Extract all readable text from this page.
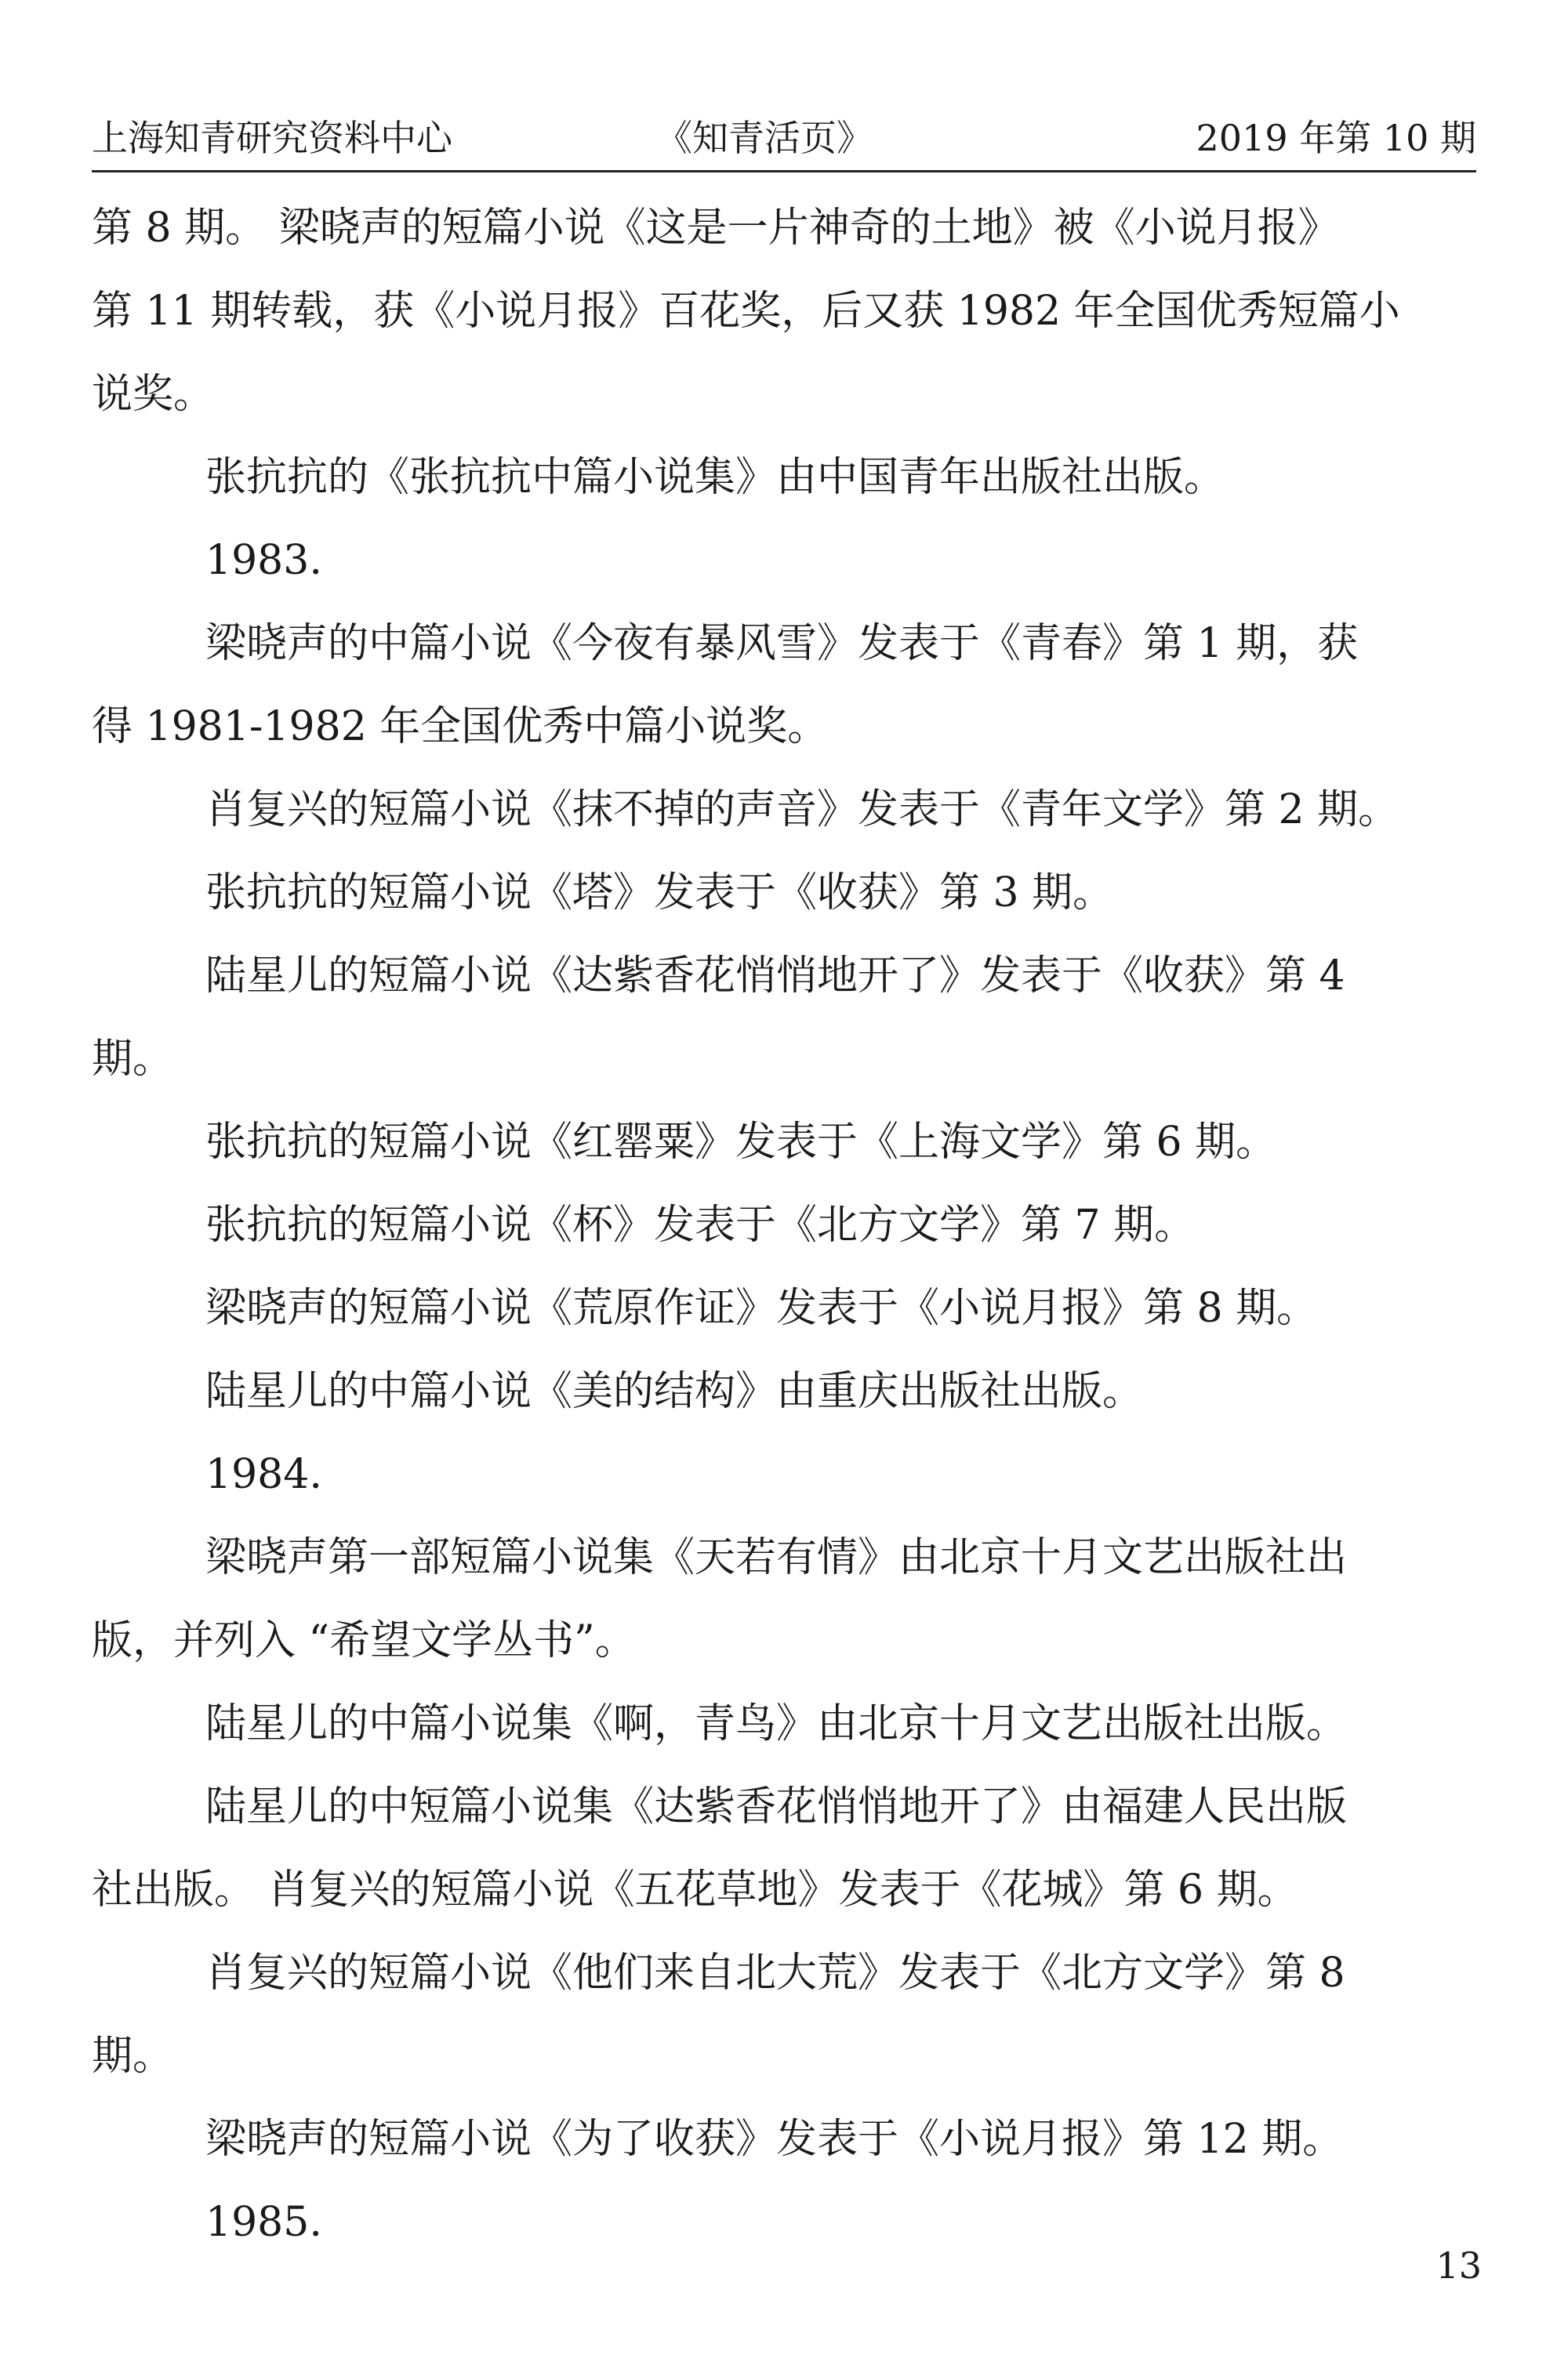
上海知青研究资料中心	《知青活页》	2019 年第 10 期

第 8 期。 梁晓声的短篇小说《这是一片神奇的土地》被《小说月报》

第 11 期转载，获《小说月报》百花奖，后又获 1982 年全国优秀短篇小

说奖。

张抗抗的《张抗抗中篇小说集》由中国青年出版社出版。

1983.

梁晓声的中篇小说《今夜有暴风雪》发表于《青春》第 1 期，获

得 1981-1982 年全国优秀中篇小说奖。

肖复兴的短篇小说《抹不掉的声音》发表于《青年文学》第 2 期。

张抗抗的短篇小说《塔》发表于《收获》第 3 期。

陆星儿的短篇小说《达紫香花悄悄地开了》发表于《收获》第 4

期。

张抗抗的短篇小说《红罂粟》发表于《上海文学》第 6 期。

张抗抗的短篇小说《杯》发表于《北方文学》第 7 期。

梁晓声的短篇小说《荒原作证》发表于《小说月报》第 8 期。

陆星儿的中篇小说《美的结构》由重庆出版社出版。

1984.

梁晓声第一部短篇小说集《天若有情》由北京十月文艺出版社出

版，并列入 “希望文学丛书”。

陆星儿的中篇小说集《啊，青鸟》由北京十月文艺出版社出版。

陆星儿的中短篇小说集《达紫香花悄悄地开了》由福建人民出版

社出版。 肖复兴的短篇小说《五花草地》发表于《花城》第 6 期。

肖复兴的短篇小说《他们来自北大荒》发表于《北方文学》第 8

期。

梁晓声的短篇小说《为了收获》发表于《小说月报》第 12 期。

1985.

13
